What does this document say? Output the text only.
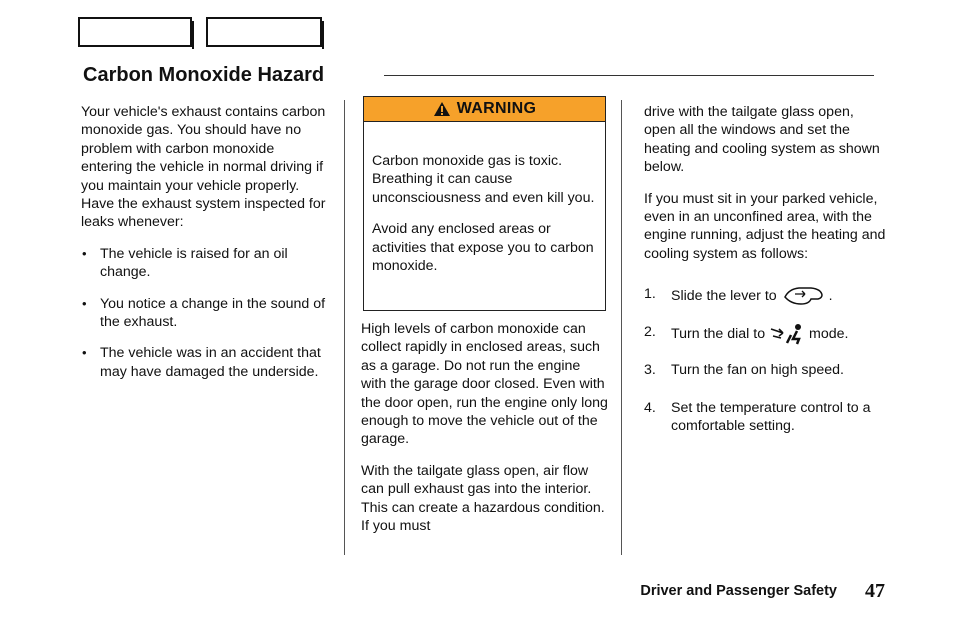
Carbon Monoxide Hazard

Your vehicle's exhaust contains carbon monoxide gas. You should have no problem with carbon monoxide entering the vehicle in normal driving if you maintain your vehicle properly. Have the exhaust system inspected for leaks whenever:

• The vehicle is raised for an oil change.
• You notice a change in the sound of the exhaust.
• The vehicle was in an accident that may have damaged the underside.
WARNING

Carbon monoxide gas is toxic. Breathing it can cause unconsciousness and even kill you.

Avoid any enclosed areas or activities that expose you to carbon monoxide.

High levels of carbon monoxide can collect rapidly in enclosed areas, such as a garage. Do not run the engine with the garage door closed. Even with the door open, run the engine only long enough to move the vehicle out of the garage.

With the tailgate glass open, air flow can pull exhaust gas into the interior. This can create a hazardous condition. If you must

drive with the tailgate glass open, open all the windows and set the heating and cooling system as shown below.

If you must sit in your parked vehicle, even in an unconfined area, with the engine running, adjust the heating and cooling system as follows:

1. Slide the lever to	.
2. Turn the dial to	mode.
3. Turn the fan on high speed.
4. Set the temperature control to a comfortable setting.
Driver and Passenger Safety 47
